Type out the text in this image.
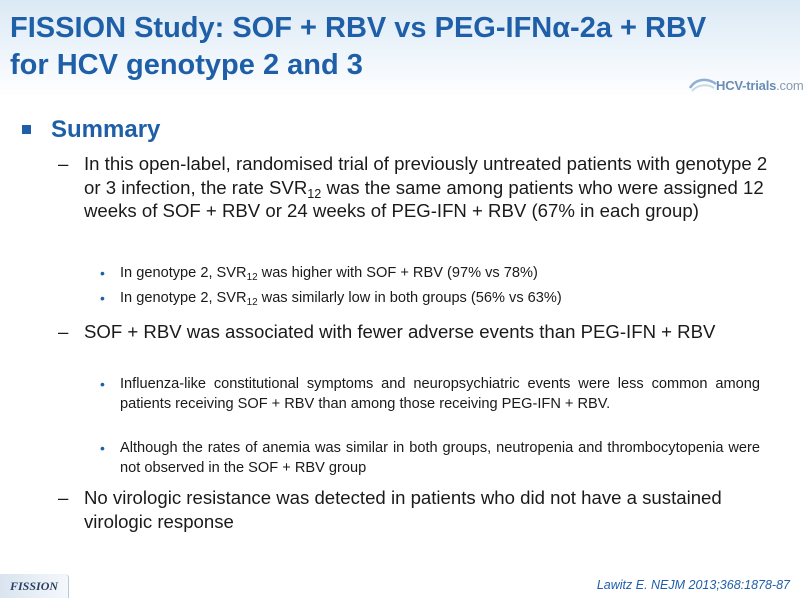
FISSION Study: SOF + RBV vs PEG-IFNα-2a + RBV
for HCV genotype 2 and 3
HCV-trials.com
Summary
– In this open-label, randomised trial of previously untreated patients with genotype 2 or 3 infection, the rate $SVR_{12}$ was the same among patients who were assigned 12 weeks of SOF + RBV or 24 weeks of PEG-IFN + RBV (67% in each group)
• In genotype 2, $SVR_{12}$ was higher with SOF + RBV (97% vs 78%)
• In genotype 2, $SVR_{12}$ was similarly low in both groups (56% vs 63%)
– SOF + RBV was associated with fewer adverse events than PEG-IFN + RBV
• Influenza-like constitutional symptoms and neuropsychiatric events were less common among patients receiving SOF + RBV than among those receiving PEG-IFN + RBV.
• Although the rates of anemia was similar in both groups, neutropenia and thrombocytopenia were not observed in the SOF + RBV group
– No virologic resistance was detected in patients who did not have a sustained virologic response
FISSION	Lawitz E. NEJM 2013;368:1878-87
